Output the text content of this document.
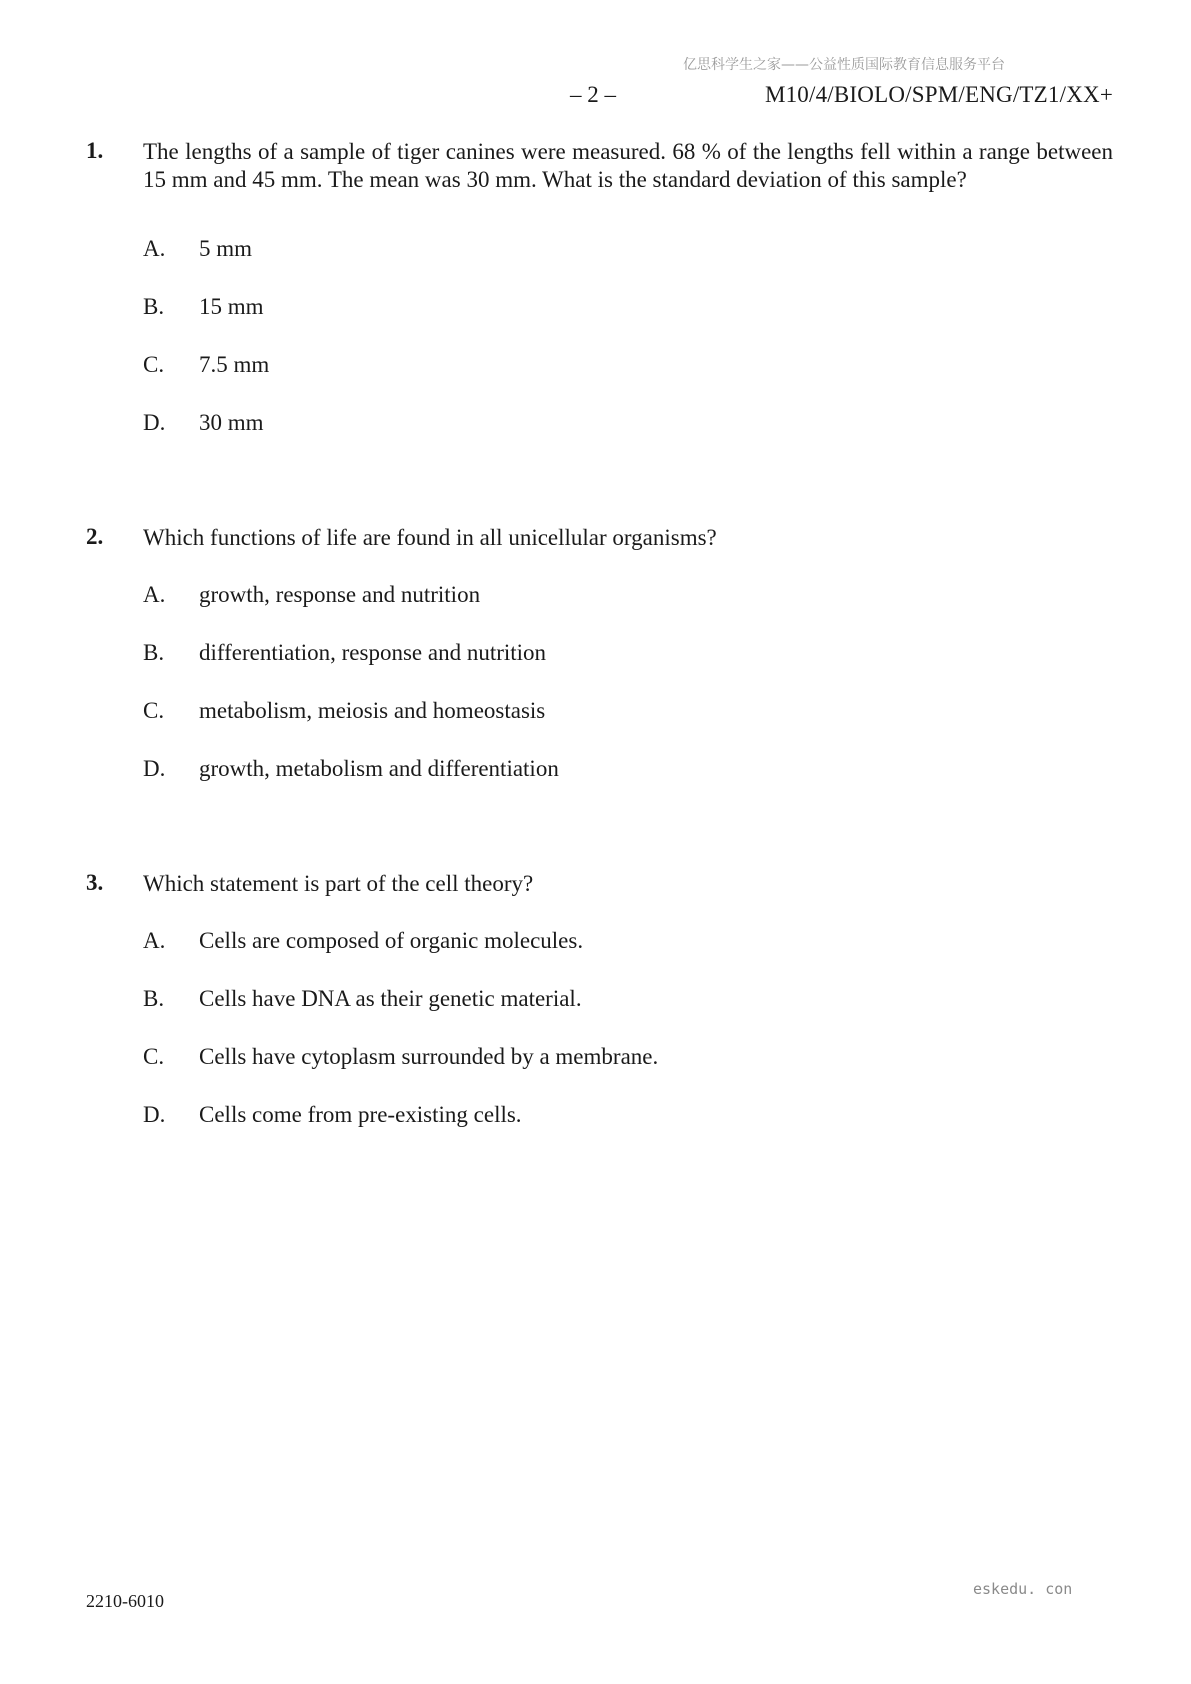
亿思科学生之家——公益性质国际教育信息服务平台
– 2 –	M10/4/BIOLO/SPM/ENG/TZ1/XX+
1. The lengths of a sample of tiger canines were measured. 68 % of the lengths fell within a range between 15 mm and 45 mm. The mean was 30 mm. What is the standard deviation of this sample?
A. 5 mm
B. 15 mm
C. 7.5 mm
D. 30 mm
2. Which functions of life are found in all unicellular organisms?
A. growth, response and nutrition
B. differentiation, response and nutrition
C. metabolism, meiosis and homeostasis
D. growth, metabolism and differentiation
3. Which statement is part of the cell theory?
A. Cells are composed of organic molecules.
B. Cells have DNA as their genetic material.
C. Cells have cytoplasm surrounded by a membrane.
D. Cells come from pre-existing cells.
2210-6010
eskedu. con
